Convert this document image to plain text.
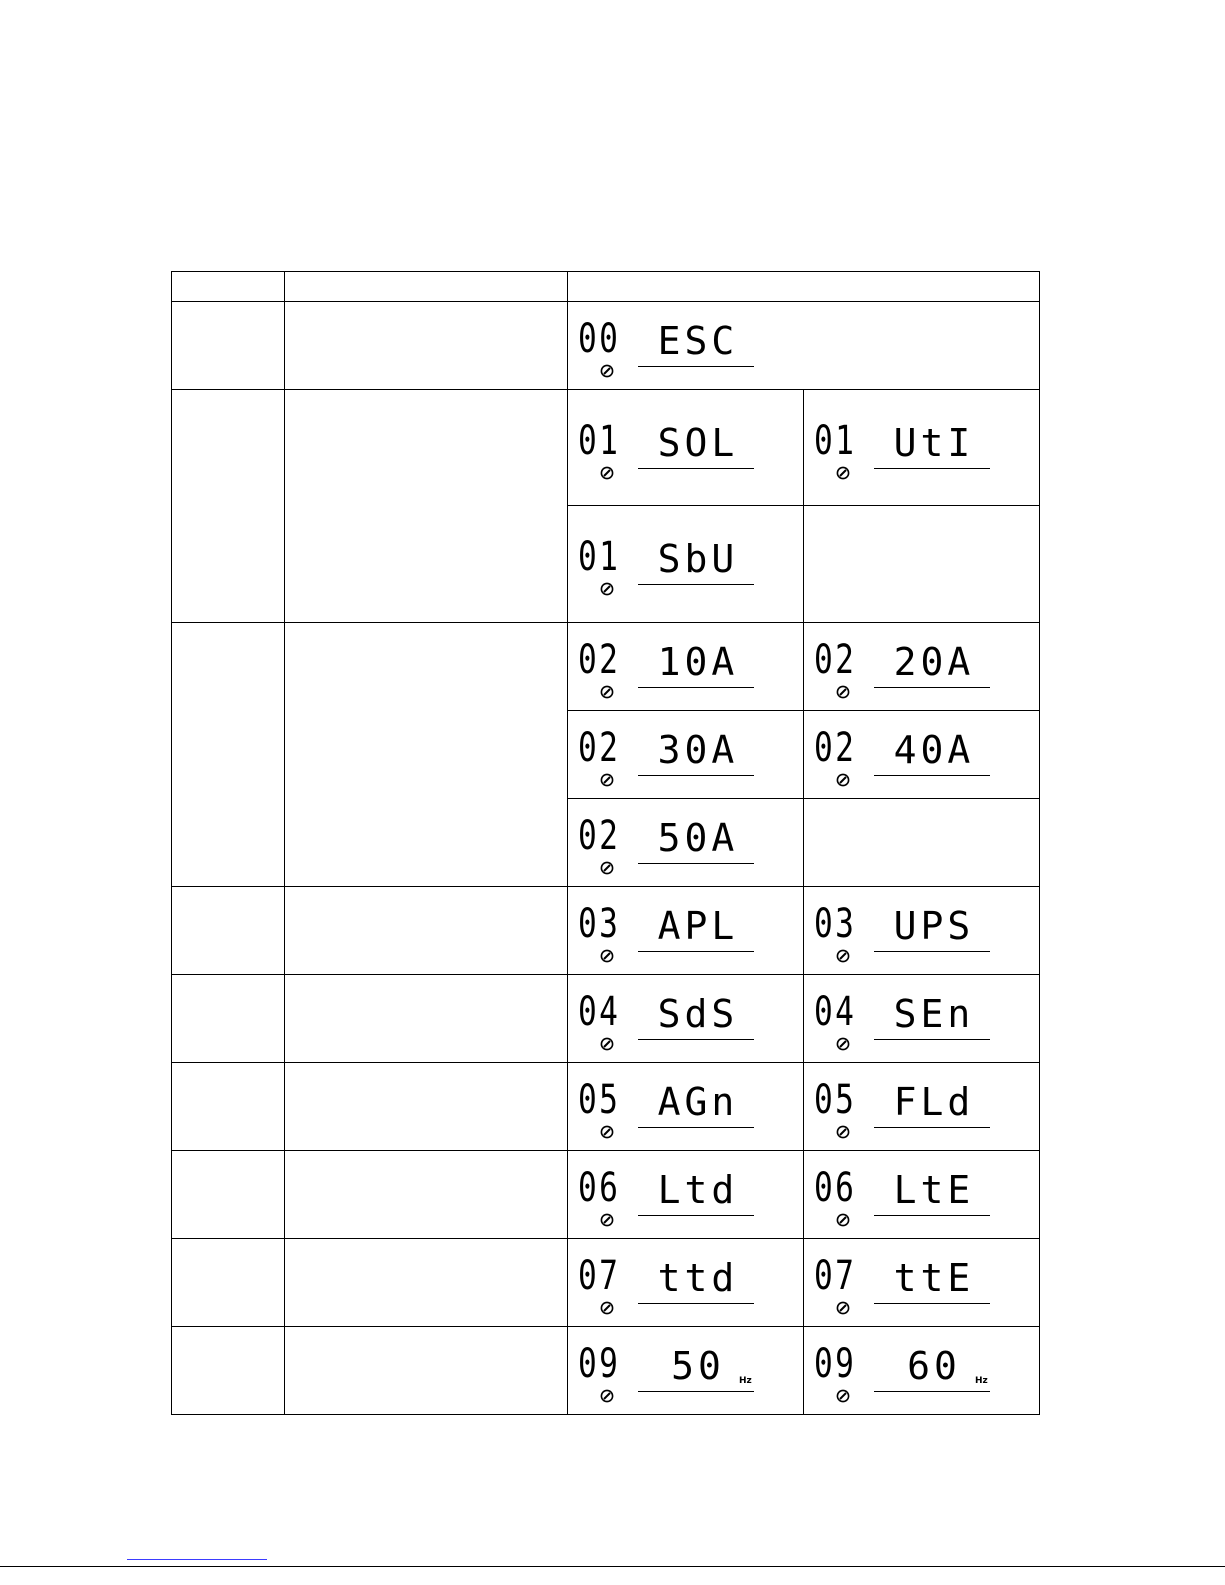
		00 ESC	

		01 SOL	01 UtI

		01 SbU	

		02 10A	02 20A

		02 30A	02 40A

		02 50A	

		03 APL	03 UPS

		04 SdS	04 SEn

		05 AGn	05 FLd

		06 Ltd	06 LtE

		07 ttd	07 ttE

		09 50 Hz	09 60 Hz
